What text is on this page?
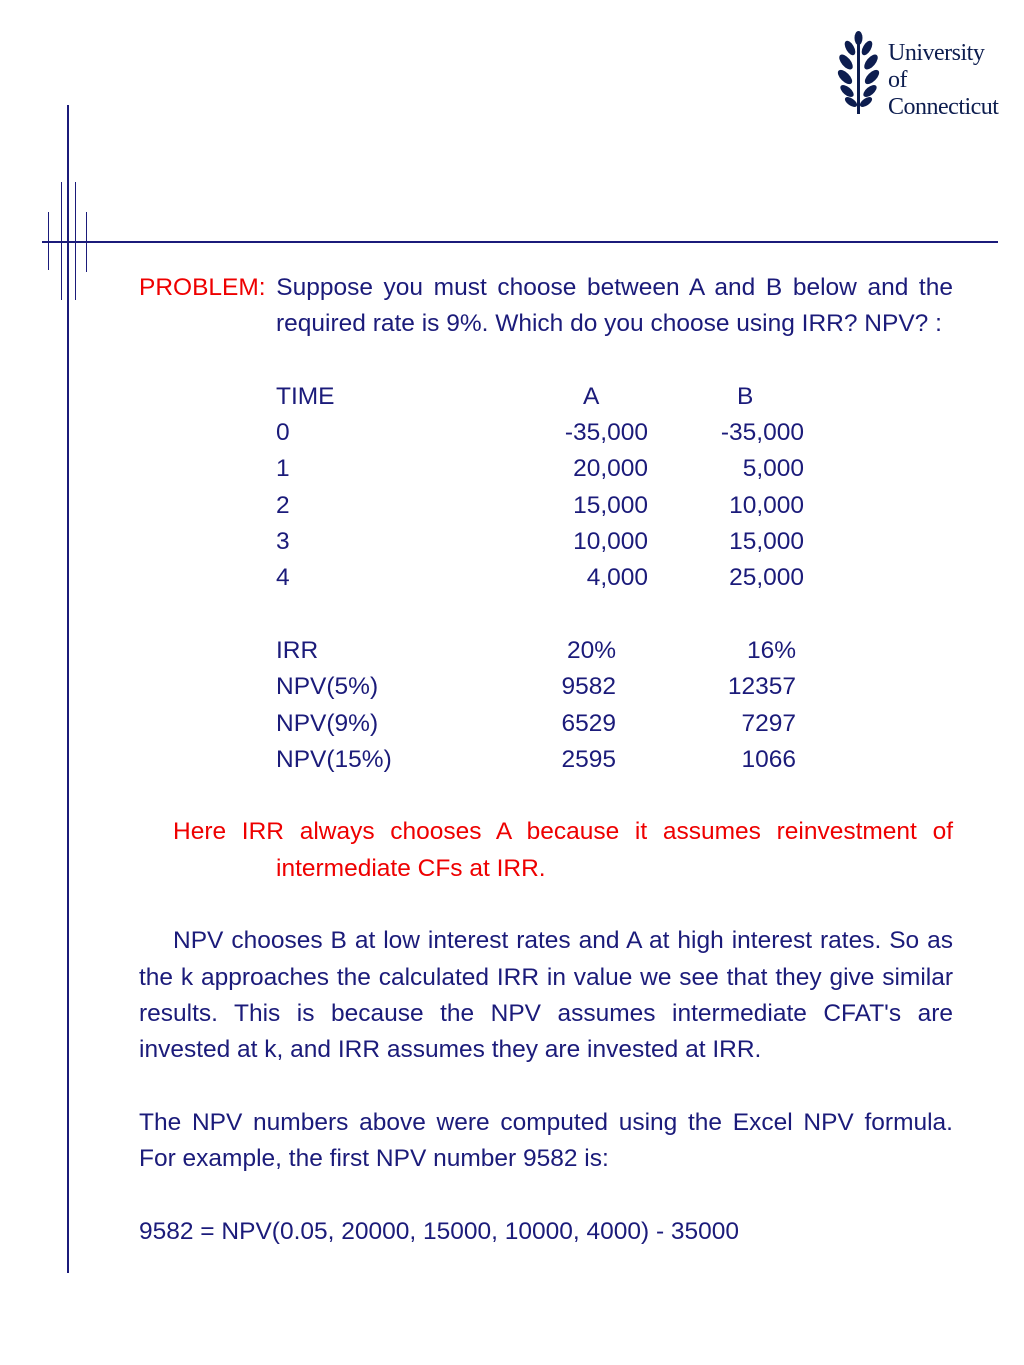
University of
Connecticut
PROBLEM: Suppose you must choose between A and B below and the required rate is 9%. Which do you choose using IRR? NPV? :
TIME	A	B
0	-35,000	-35,000
1	20,000	5,000
2	15,000	10,000
3	10,000	15,000
4	4,000	25,000
IRR	20%	16%
NPV(5%)	9582	12357
NPV(9%)	6529	7297
NPV(15%)	2595	1066
Here IRR always chooses A because it assumes reinvestment of intermediate CFs at IRR.
NPV chooses B at low interest rates and A at high interest rates. So as the k approaches the calculated IRR in value we see that they give similar results. This is because the NPV assumes intermediate CFAT's are invested at k, and IRR assumes they are invested at IRR.
The NPV numbers above were computed using the Excel NPV formula. For example, the first NPV number 9582 is:
9582 = NPV(0.05, 20000, 15000, 10000, 4000) - 35000
